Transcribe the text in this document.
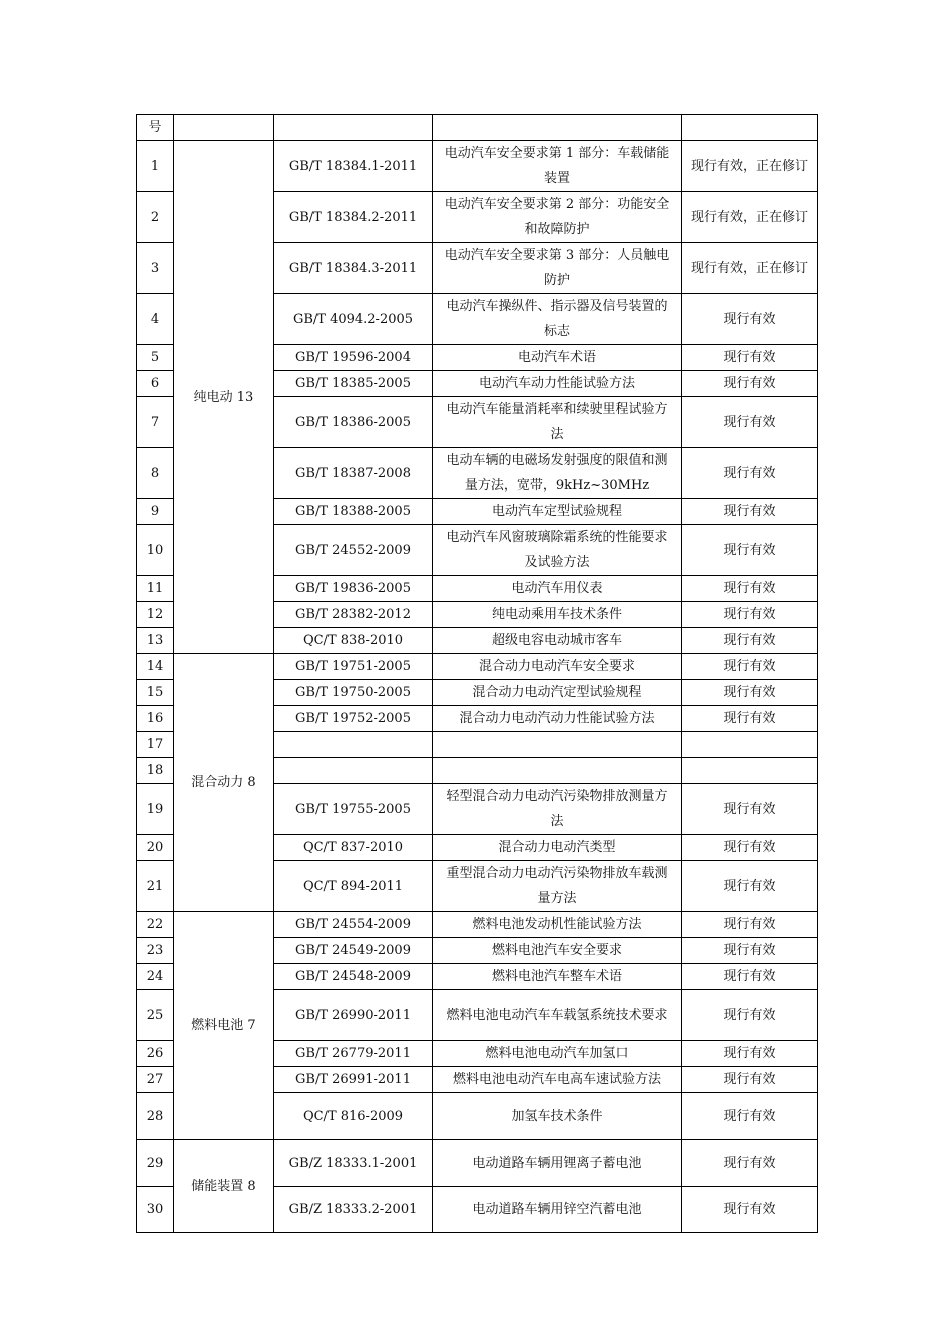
号				
1	纯电动 13	GB/T 18384.1-2011	电动汽车安全要求第 1 部分：车载储能装置	现行有效，正在修订
2		GB/T 18384.2-2011	电动汽车安全要求第 2 部分：功能安全和故障防护	现行有效，正在修订
3		GB/T 18384.3-2011	电动汽车安全要求第 3 部分：人员触电防护	现行有效，正在修订
4		GB/T 4094.2-2005	电动汽车操纵件、指示器及信号装置的标志	现行有效
5		GB/T 19596-2004	电动汽车术语	现行有效
6		GB/T 18385-2005	电动汽车动力性能试验方法	现行有效
7		GB/T 18386-2005	电动汽车能量消耗率和续驶里程试验方法	现行有效
8		GB/T 18387-2008	电动车辆的电磁场发射强度的限值和测量方法，宽带，9kHz~30MHz	现行有效
9		GB/T 18388-2005	电动汽车定型试验规程	现行有效
10		GB/T 24552-2009	电动汽车风窗玻璃除霜系统的性能要求及试验方法	现行有效
11		GB/T 19836-2005	电动汽车用仪表	现行有效
12		GB/T 28382-2012	纯电动乘用车技术条件	现行有效
13		QC/T 838-2010	超级电容电动城市客车	现行有效
14	混合动力 8	GB/T 19751-2005	混合动力电动汽车安全要求	现行有效
15		GB/T 19750-2005	混合动力电动汽定型试验规程	现行有效
16		GB/T 19752-2005	混合动力电动汽动力性能试验方法	现行有效
17				
18				
19		GB/T 19755-2005	轻型混合动力电动汽污染物排放测量方法	现行有效
20		QC/T 837-2010	混合动力电动汽类型	现行有效
21		QC/T 894-2011	重型混合动力电动汽污染物排放车载测量方法	现行有效
22	燃料电池 7	GB/T 24554-2009	燃料电池发动机性能试验方法	现行有效
23		GB/T 24549-2009	燃料电池汽车安全要求	现行有效
24		GB/T 24548-2009	燃料电池汽车整车术语	现行有效
25		GB/T 26990-2011	燃料电池电动汽车车载氢系统技术要求	现行有效
26		GB/T 26779-2011	燃料电池电动汽车加氢口	现行有效
27		GB/T 26991-2011	燃料电池电动汽车电高车速试验方法	现行有效
28		QC/T 816-2009	加氢车技术条件	现行有效
29	储能装置 8	GB/Z 18333.1-2001	电动道路车辆用锂离子蓄电池	现行有效
30		GB/Z 18333.2-2001	电动道路车辆用锌空汽蓄电池	现行有效
